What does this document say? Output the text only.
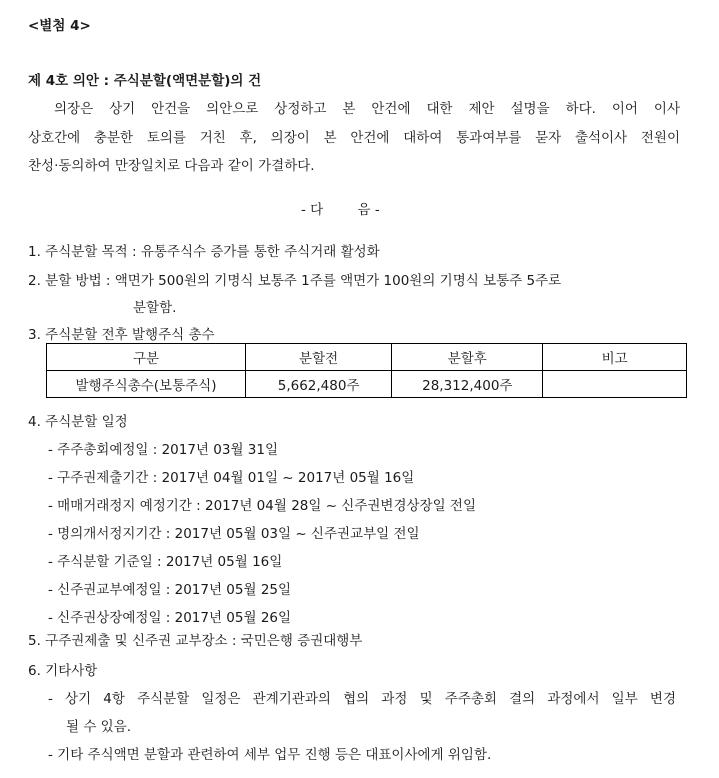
<별첨 4>
제 4호 의안 : 주식분할(액면분할)의 건
의장은 상기 안건을 의안으로 상정하고 본 안건에 대한 제안 설명을 하다. 이어 이사
상호간에 충분한 토의를 거친 후, 의장이 본 안건에 대하여 통과여부를 묻자 출석이사 전원이
찬성·동의하여 만장일치로 다음과 같이 가결하다.
- 다        음 -
1. 주식분할 목적 : 유통주식수 증가를 통한 주식거래 활성화
2. 분할 방법 : 액면가 500원의 기명식 보통주 1주를 액면가 100원의 기명식 보통주 5주로
분할함.
3. 주식분할 전후 발행주식 총수
구분	분할전	분할후	비고
발행주식총수(보통주식)	5,662,480주	28,312,400주	
4. 주식분할 일정
- 주주총회예정일 : 2017년 03월 31일
- 구주권제출기간 : 2017년 04월 01일 ~ 2017년 05월 16일
- 매매거래정지 예정기간 : 2017년 04월 28일 ~ 신주권변경상장일 전일
- 명의개서정지기간 : 2017년 05월 03일 ~ 신주권교부일 전일
- 주식분할 기준일 : 2017년 05월 16일
- 신주권교부예정일 : 2017년 05월 25일
- 신주권상장예정일 : 2017년 05월 26일
5. 구주권제출 및 신주권 교부장소 : 국민은행 증권대행부
6. 기타사항
- 상기 4항 주식분할 일정은 관계기관과의 협의 과정 및 주주총회 결의 과정에서 일부 변경
될 수 있음.
- 기타 주식액면 분할과 관련하여 세부 업무 진행 등은 대표이사에게 위임함.
